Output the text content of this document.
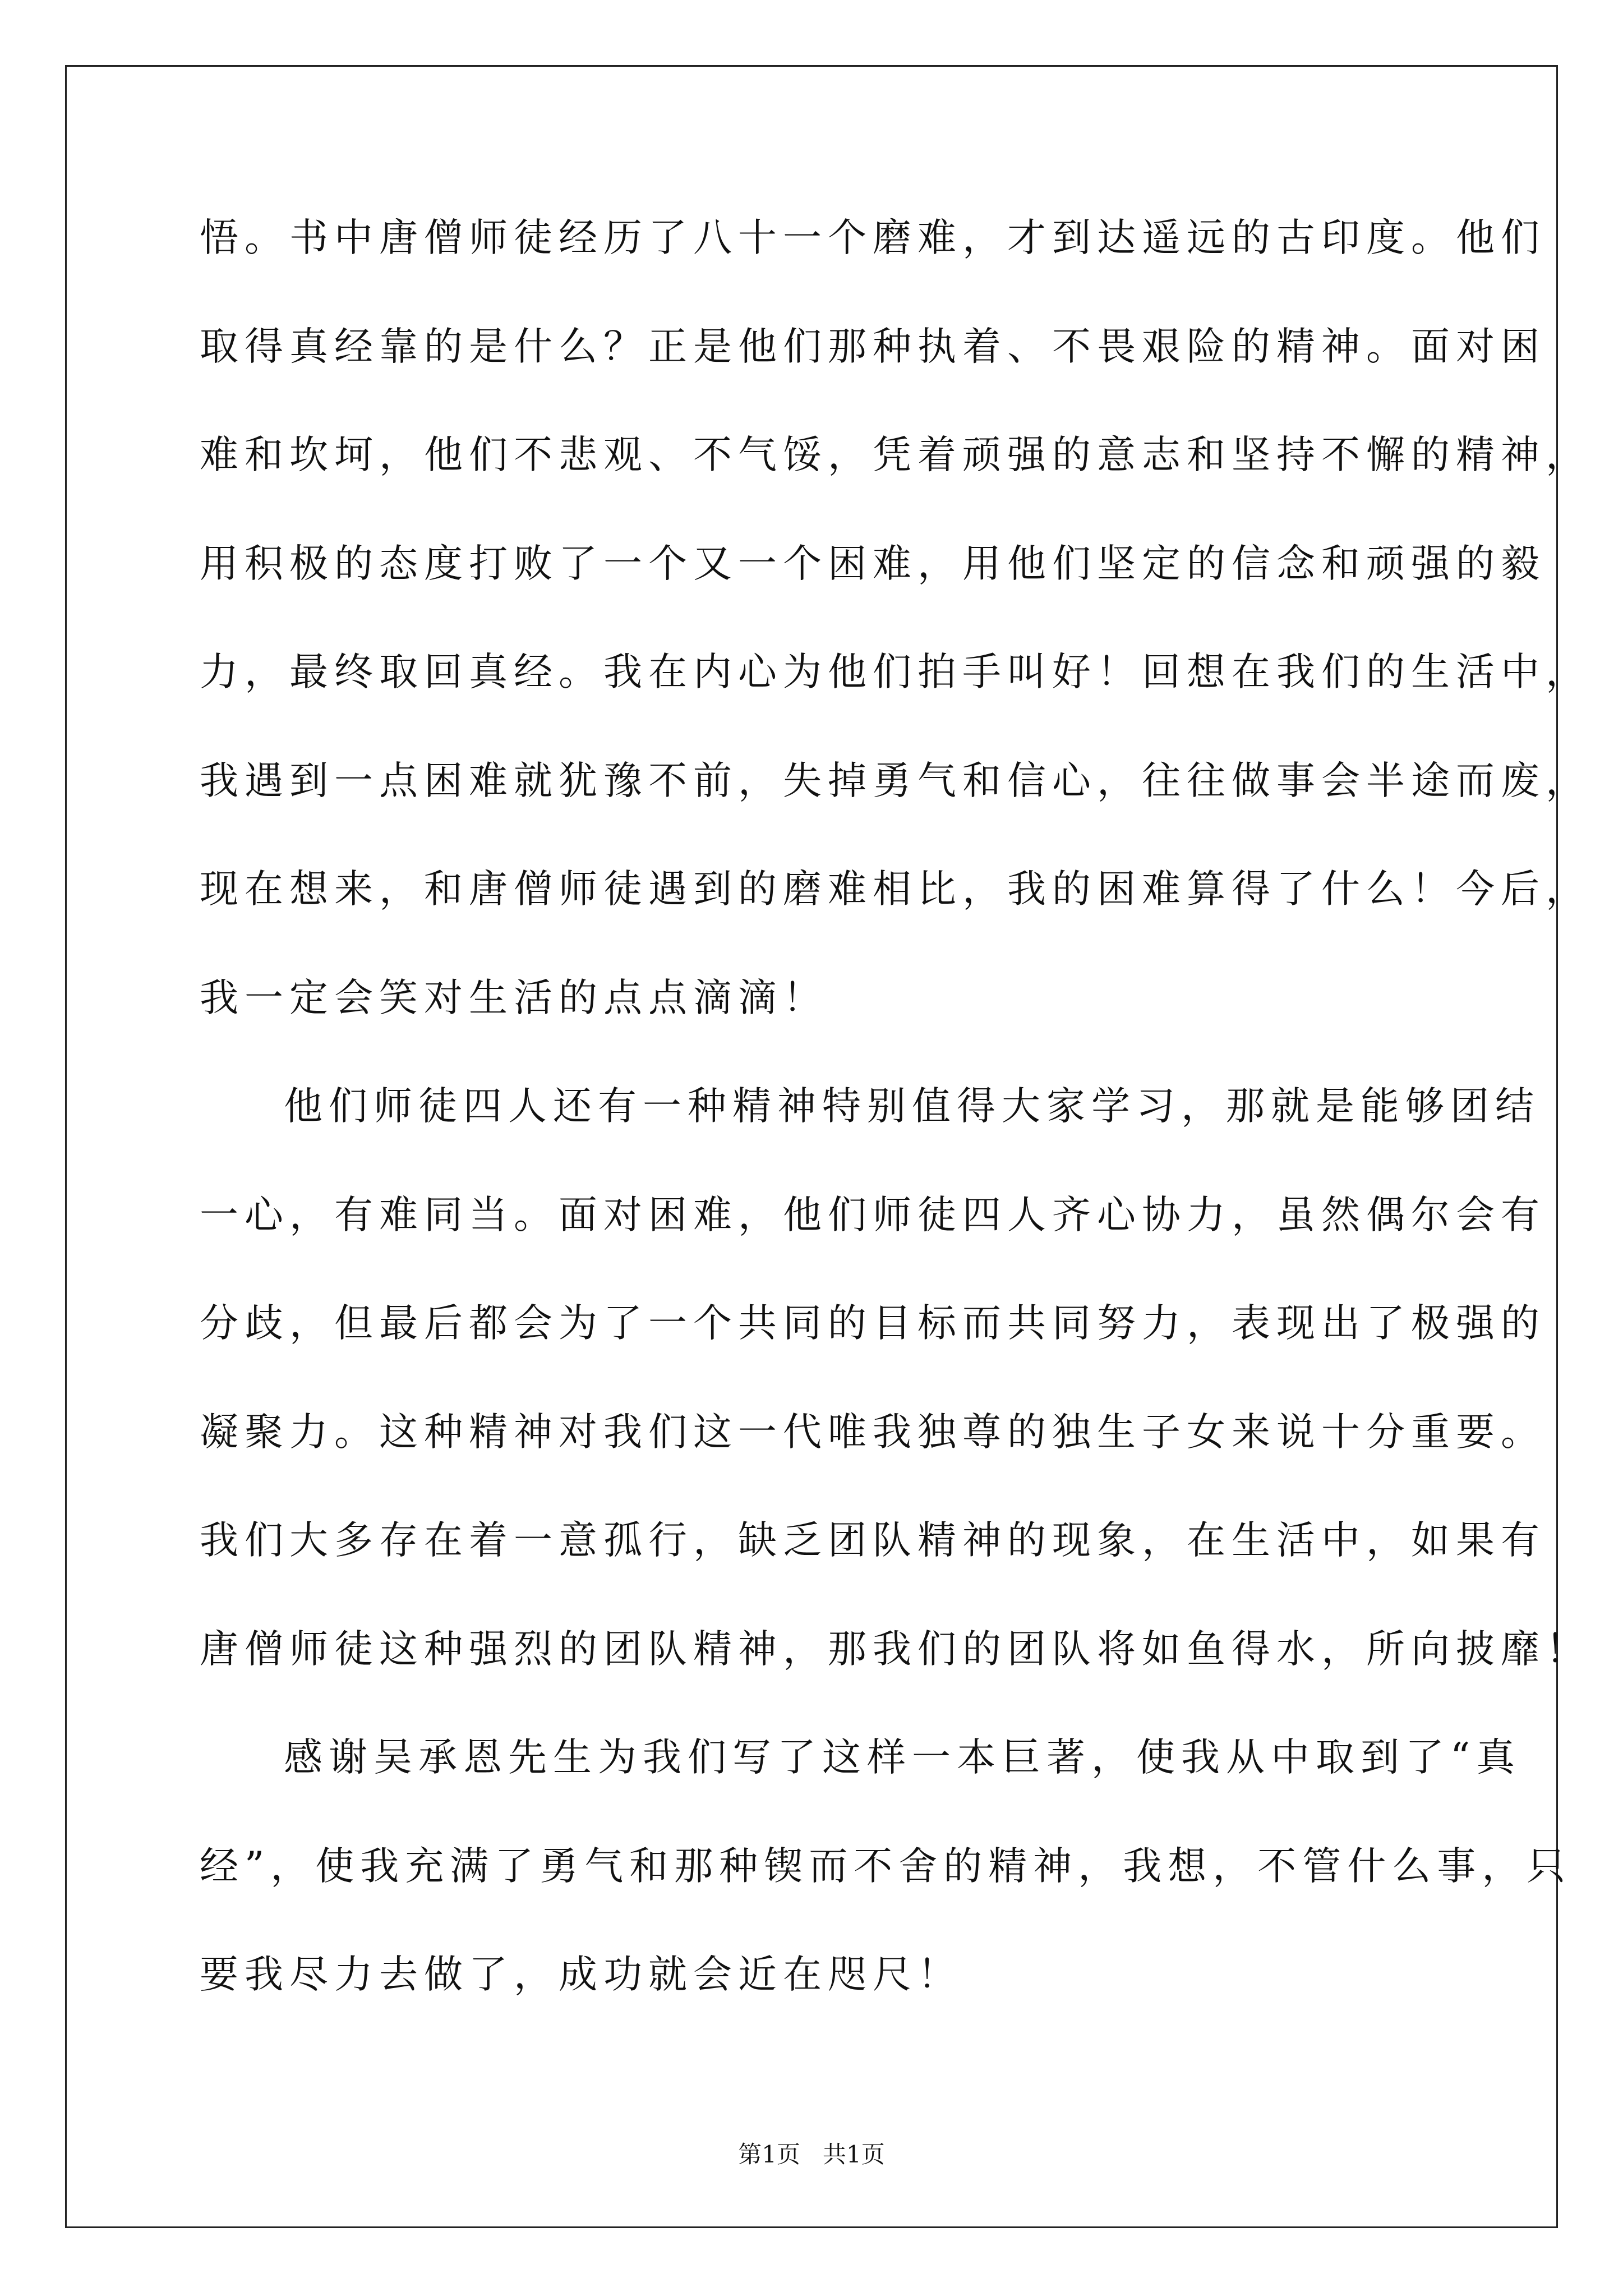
悟。书中唐僧师徒经历了八十一个磨难，才到达遥远的古印度。他们
取得真经靠的是什么？正是他们那种执着、不畏艰险的精神。面对困
难和坎坷，他们不悲观、不气馁，凭着顽强的意志和坚持不懈的精神，
用积极的态度打败了一个又一个困难，用他们坚定的信念和顽强的毅
力，最终取回真经。我在内心为他们拍手叫好！回想在我们的生活中，
我遇到一点困难就犹豫不前，失掉勇气和信心，往往做事会半途而废，
现在想来，和唐僧师徒遇到的磨难相比，我的困难算得了什么！今后，
我一定会笑对生活的点点滴滴！
他们师徒四人还有一种精神特别值得大家学习，那就是能够团结
一心，有难同当。面对困难，他们师徒四人齐心协力，虽然偶尔会有
分歧，但最后都会为了一个共同的目标而共同努力，表现出了极强的
凝聚力。这种精神对我们这一代唯我独尊的独生子女来说十分重要。
我们大多存在着一意孤行，缺乏团队精神的现象，在生活中，如果有
唐僧师徒这种强烈的团队精神，那我们的团队将如鱼得水，所向披靡！
感谢吴承恩先生为我们写了这样一本巨著，使我从中取到了“真
经”，使我充满了勇气和那种锲而不舍的精神，我想，不管什么事，只
要我尽力去做了，成功就会近在咫尺！
第1页 共1页
